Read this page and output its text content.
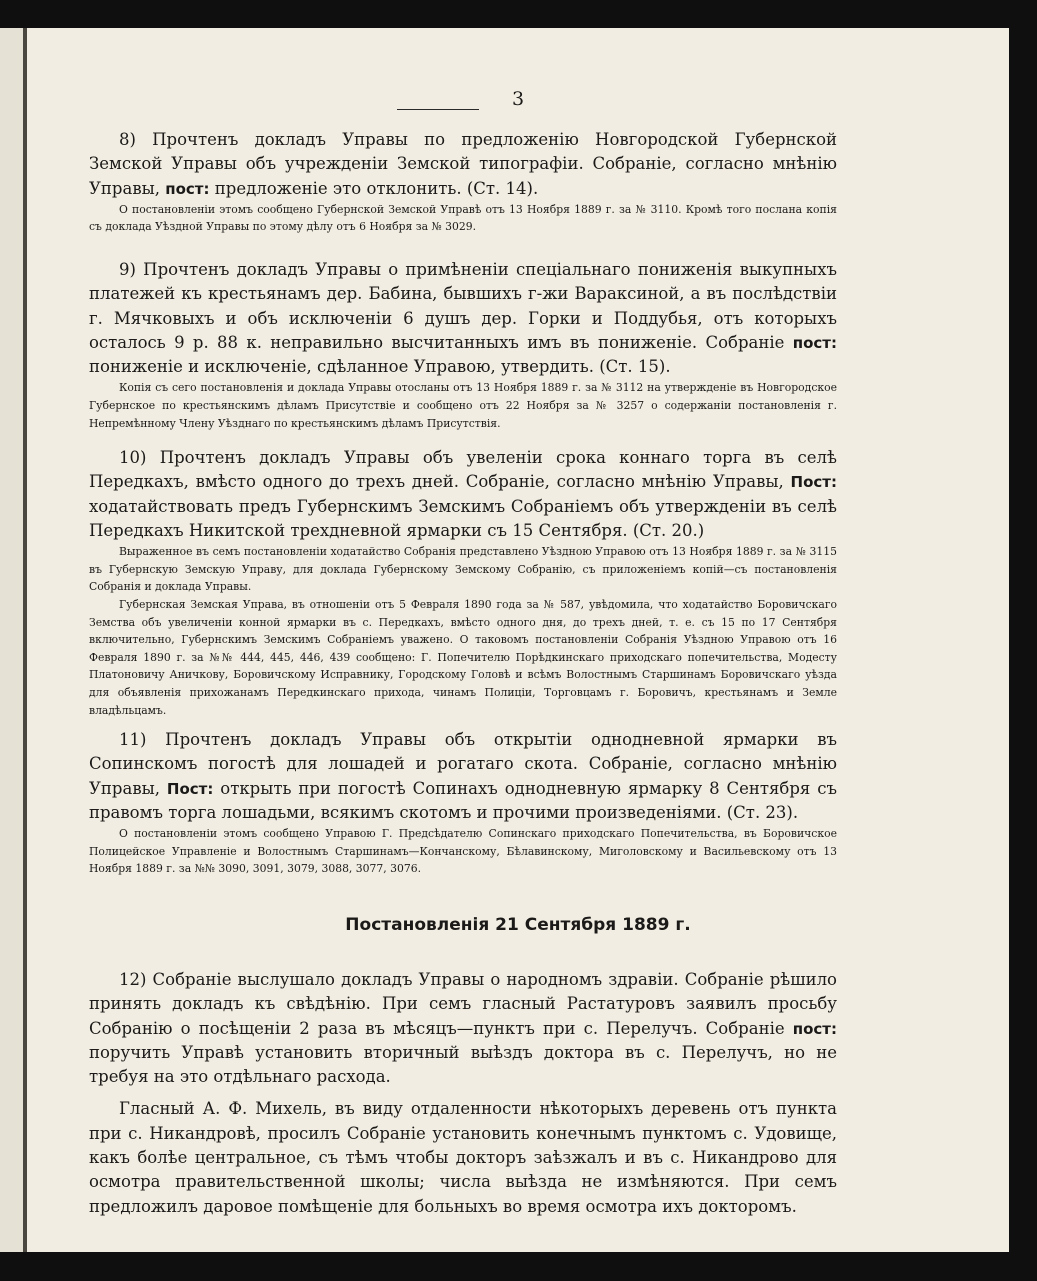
3

8) Прочтенъ докладъ Управы по предложенію Новгородской Губернской Земской Управы объ учрежденіи Земской типографіи. Собраніе, согласно мнѣнію Управы, пост: предложеніе это отклонить. (Ст. 14).

О постановленіи этомъ сообщено Губернской Земской Управѣ отъ 13 Ноября 1889 г. за № 3110. Кромѣ того послана копія съ доклада Уѣздной Управы по этому дѣлу отъ 6 Ноября за № 3029.

9) Прочтенъ докладъ Управы о примѣненіи спеціальнаго пониженія выкупныхъ платежей къ крестьянамъ дер. Бабина, бывшихъ г-жи Вараксиной, а въ послѣдствіи г. Мячковыхъ и объ исключеніи 6 душъ дер. Горки и Поддубья, отъ которыхъ осталось 9 р. 88 к. неправильно высчитанныхъ имъ въ пониженіе. Собраніе пост: пониженіе и исключеніе, сдѣланное Управою, утвердить. (Ст. 15).

Копія съ сего постановленія и доклада Управы отосланы отъ 13 Ноября 1889 г. за № 3112 на утвержденіе въ Новгородское Губернское по крестьянскимъ дѣламъ Присутствіе и сообщено отъ 22 Ноября за № 3257 о содержаніи постановленія г. Непремѣнному Члену Уѣзднаго по крестьянскимъ дѣламъ Присутствія.

10) Прочтенъ докладъ Управы объ увеленіи срока коннаго торга въ селѣ Передкахъ, вмѣсто одного до трехъ дней. Собраніе, согласно мнѣнію Управы, Пост: ходатайствовать предъ Губернскимъ Земскимъ Собраніемъ объ утвержденіи въ селѣ Передкахъ Никитской трехдневной ярмарки съ 15 Сентября. (Ст. 20.)

Выраженное въ семъ постановленіи ходатайство Собранія представлено Уѣздною Управою отъ 13 Ноября 1889 г. за № 3115 въ Губернскую Земскую Управу, для доклада Губернскому Земскому Собранію, съ приложеніемъ копій—съ постановленія Собранія и доклада Управы.

Губернская Земская Управа, въ отношеніи отъ 5 Февраля 1890 года за № 587, увѣдомила, что ходатайство Боровичскаго Земства объ увеличеніи конной ярмарки въ с. Передкахъ, вмѣсто одного дня, до трехъ дней, т. е. съ 15 по 17 Сентября включительно, Губернскимъ Земскимъ Собраніемъ уважено. О таковомъ постановленіи Собранія Уѣздною Управою отъ 16 Февраля 1890 г. за №№ 444, 445, 446, 439 сообщено: Г. Попечителю Порѣдкинскаго приходскаго попечительства, Модесту Платоновичу Аничкову, Боровичскому Исправнику, Городскому Головѣ и всѣмъ Волостнымъ Старшинамъ Боровичскаго уѣзда для объявленія прихожанамъ Передкинскаго прихода, чинамъ Полиціи, Торговцамъ г. Боровичъ, крестьянамъ и Земле владѣльцамъ.

11) Прочтенъ докладъ Управы объ открытіи однодневной ярмарки въ Сопинскомъ погостѣ для лошадей и рогатаго скота. Собраніе, согласно мнѣнію Управы, Пост: открыть при погостѣ Сопинахъ однодневную ярмарку 8 Сентября съ правомъ торга лошадьми, всякимъ скотомъ и прочими произведеніями. (Ст. 23).

О постановленіи этомъ сообщено Управою Г. Предсѣдателю Сопинскаго приходскаго Попечительства, въ Боровичское Полицейское Управленіе и Волостнымъ Старшинамъ—Кончанскому, Бѣлавинскому, Миголовскому и Васильевскому отъ 13 Ноября 1889 г. за №№ 3090, 3091, 3079, 3088, 3077, 3076.

Постановленія 21 Сентября 1889 г.

12) Собраніе выслушало докладъ Управы о народномъ здравіи. Собраніе рѣшило принять докладъ къ свѣдѣнію. При семъ гласный Растатуровъ заявилъ просьбу Собранію о посѣщеніи 2 раза въ мѣсяцъ—пунктъ при с. Перелучъ. Собраніе пост: поручить Управѣ установить вторичный выѣздъ доктора въ с. Перелучъ, но не требуя на это отдѣльнаго расхода.

Гласный А. Ф. Михель, въ виду отдаленности нѣкоторыхъ деревень отъ пункта при с. Никандровѣ, просилъ Собраніе установить конечнымъ пунктомъ с. Удовище, какъ болѣе центральное, съ тѣмъ чтобы докторъ заѣзжалъ и въ с. Никандрово для осмотра правительственной школы; числа выѣзда не измѣняются. При семъ предложилъ даровое помѣщеніе для больныхъ во время осмотра ихъ докторомъ.
